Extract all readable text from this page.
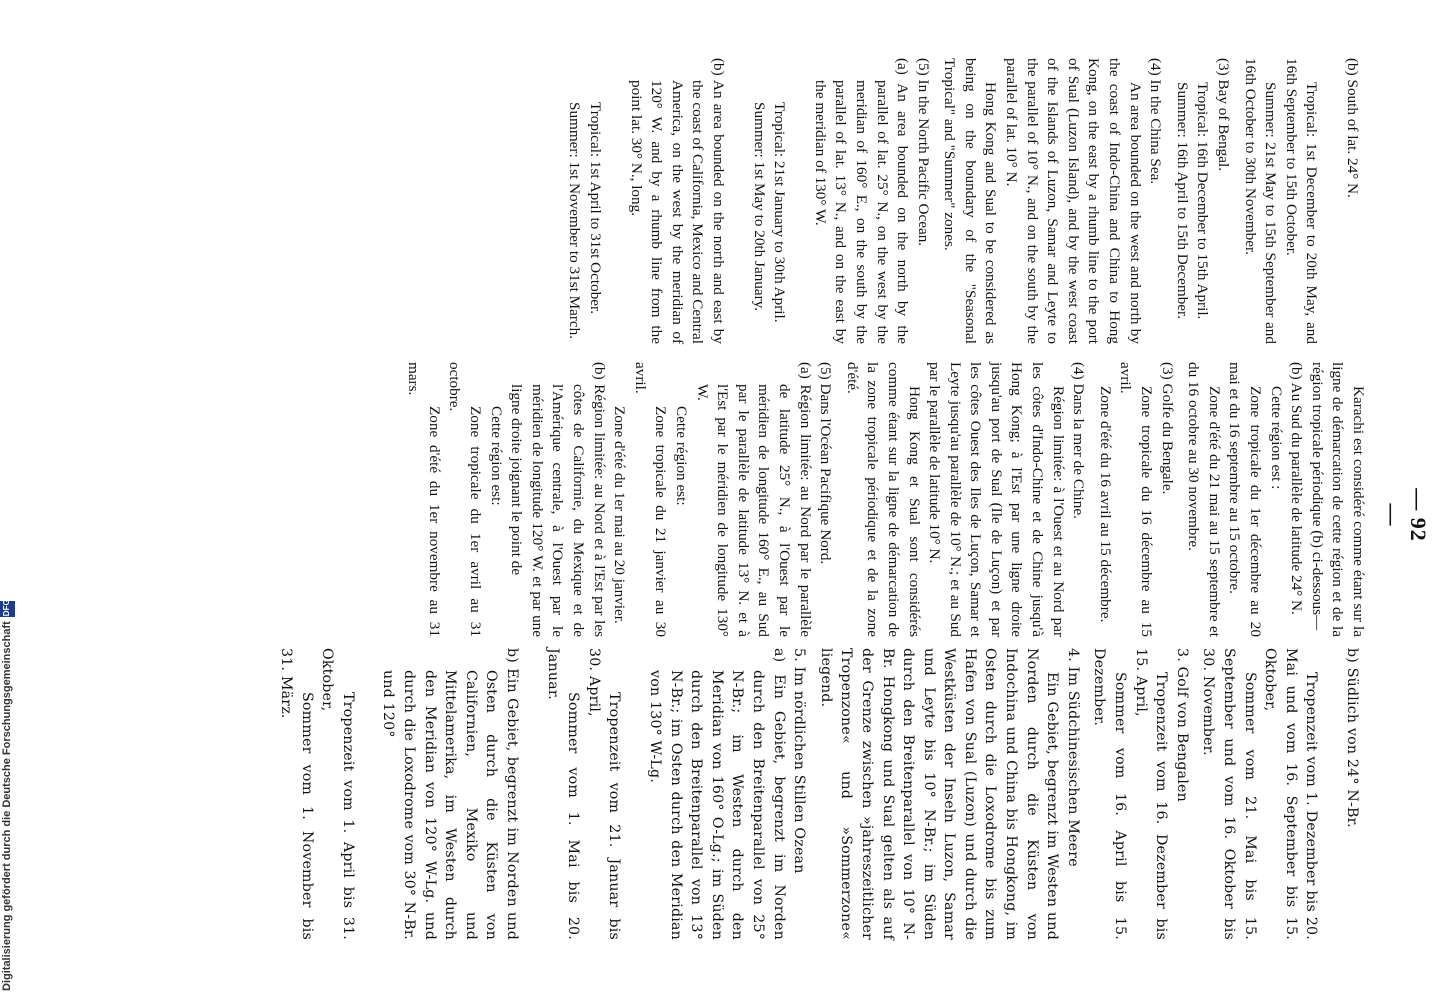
— 92 —

(b) South of lat. 24° N.

Tropical: 1st December to 20th May, and 16th September to 15th October.

Summer: 21st May to 15th September and 16th October to 30th November.

(3) Bay of Bengal.

Tropical: 16th December to 15th April.

Summer: 16th April to 15th December.

(4) In the China Sea.

An area bounded on the west and north by the coast of Indo-China and China to Hong Kong, on the east by a rhumb line to the port of Sual (Luzon Island), and by the west coast of the Islands of Luzon, Samar and Leyte to the parallel of 10° N., and on the south by the parallel of lat. 10° N.

Hong Kong and Sual to be considered as being on the boundary of the "Seasonal Tropical" and "Summer" zones.

(5) In the North Pacific Ocean.

(a) An area bounded on the north by the parallel of lat. 25° N., on the west by the meridian of 160° E., on the south by the parallel of lat. 13° N., and on the east by the meridian of 130° W.

Tropical: 21st January to 30th April.

Summer: 1st May to 20th January.

(b) An area bounded on the north and east by the coast of California, Mexico and Central America, on the west by the meridian of 120° W. and by a rhumb line from the point lat. 30° N., long.

Tropical: 1st April to 31st October.

Summer: 1st November to 31st March.

Karachi est considéré comme étant sur la ligne de démarcation de cette région et de la région tropicale périodique (b) ci-dessous—

(b) Au Sud du parallèle de latitude 24° N.

Cette région est :

Zone tropicale du 1er décembre au 20 mai et du 16 septembre au 15 octobre.

Zone d'été du 21 mai au 15 septembre et du 16 octobre au 30 novembre.

(3) Golfe du Bengale.

Zone tropicale du 16 décembre au 15 avril.

Zone d'été du 16 avril au 15 décembre.

(4) Dans la mer de Chine.

Région limitée: à l'Ouest et au Nord par les côtes d'Indo-Chine et de Chine jusqu'à Hong Kong; à l'Est par une ligne droite jusqu'au port de Sual (Ile de Luçon) et par les côtes Ouest des Iles de Luçon, Samar et Leyte jusqu'au parallèle de 10° N.; et au Sud par le parallèle de latitude 10° N.

Hong Kong et Sual sont considérés comme étant sur la ligne de démarcation de la zone tropicale périodique et de la zone d'été.

(5) Dans l'Océan Pacifique Nord.

(a) Région limitée: au Nord par le parallèle de latitude 25° N., à l'Ouest par le méridien de longitude 160° E., au Sud par le parallèle de latitude 13° N. et à l'Est par le méridien de longitude 130° W.

Cette région est:

Zone tropicale du 21 janvier au 30 avril.

Zone d'été du 1er mai au 20 janvier.

(b) Région limitée: au Nord et à l'Est par les côtes de Californie, du Mexique et de l'Amérique centrale, à l'Ouest par le méridien de longitude 120° W. et par une ligne droite joignant le point de

Cette région est:

Zone tropicale du 1er avril au 31 octobre.

Zone d'été du 1er novembre au 31 mars.

b) Südlich von 24° N-Br.

Tropenzeit vom 1. Dezember bis 20. Mai und vom 16. September bis 15. Oktober,

Sommer vom 21. Mai bis 15. September und vom 16. Oktober bis 30. November.

3. Golf von Bengalen

Tropenzeit vom 16. Dezember bis 15. April,

Sommer vom 16. April bis 15. Dezember.

4. Im Südchinesischen Meere

Ein Gebiet, begrenzt im Westen und Norden durch die Küsten von Indochina und China bis Hongkong, im Osten durch die Loxodrome bis zum Hafen von Sual (Luzon) und durch die Westküsten der Inseln Luzon, Samar und Leyte bis 10° N-Br.; im Süden durch den Breitenparallel von 10° N-Br. Hongkong und Sual gelten als auf der Grenze zwischen »jahreszeitlicher Tropenzone« und »Sommerzone« liegend.

5. Im nördlichen Stillen Ozean

a) Ein Gebiet, begrenzt im Norden durch den Breitenparallel von 25° N-Br.; im Westen durch den Meridian von 160° O-Lg.; im Süden durch den Breitenparallel von 13° N-Br.; im Osten durch den Meridian von 130° W-Lg.

Tropenzeit vom 21. Januar bis 30. April,

Sommer vom 1. Mai bis 20. Januar.

b) Ein Gebiet, begrenzt im Norden und Osten durch die Küsten von Californien, Mexiko und Mittelamerika, im Westen durch den Meridian von 120° W-Lg. und durch die Loxodrome vom 30° N-Br. und 120°

Tropenzeit vom 1. April bis 31. Oktober,

Sommer vom 1. November bis 31. März.

Digitalisierung gefördert durch die Deutsche Forschungsgemeinschaft
DFG
